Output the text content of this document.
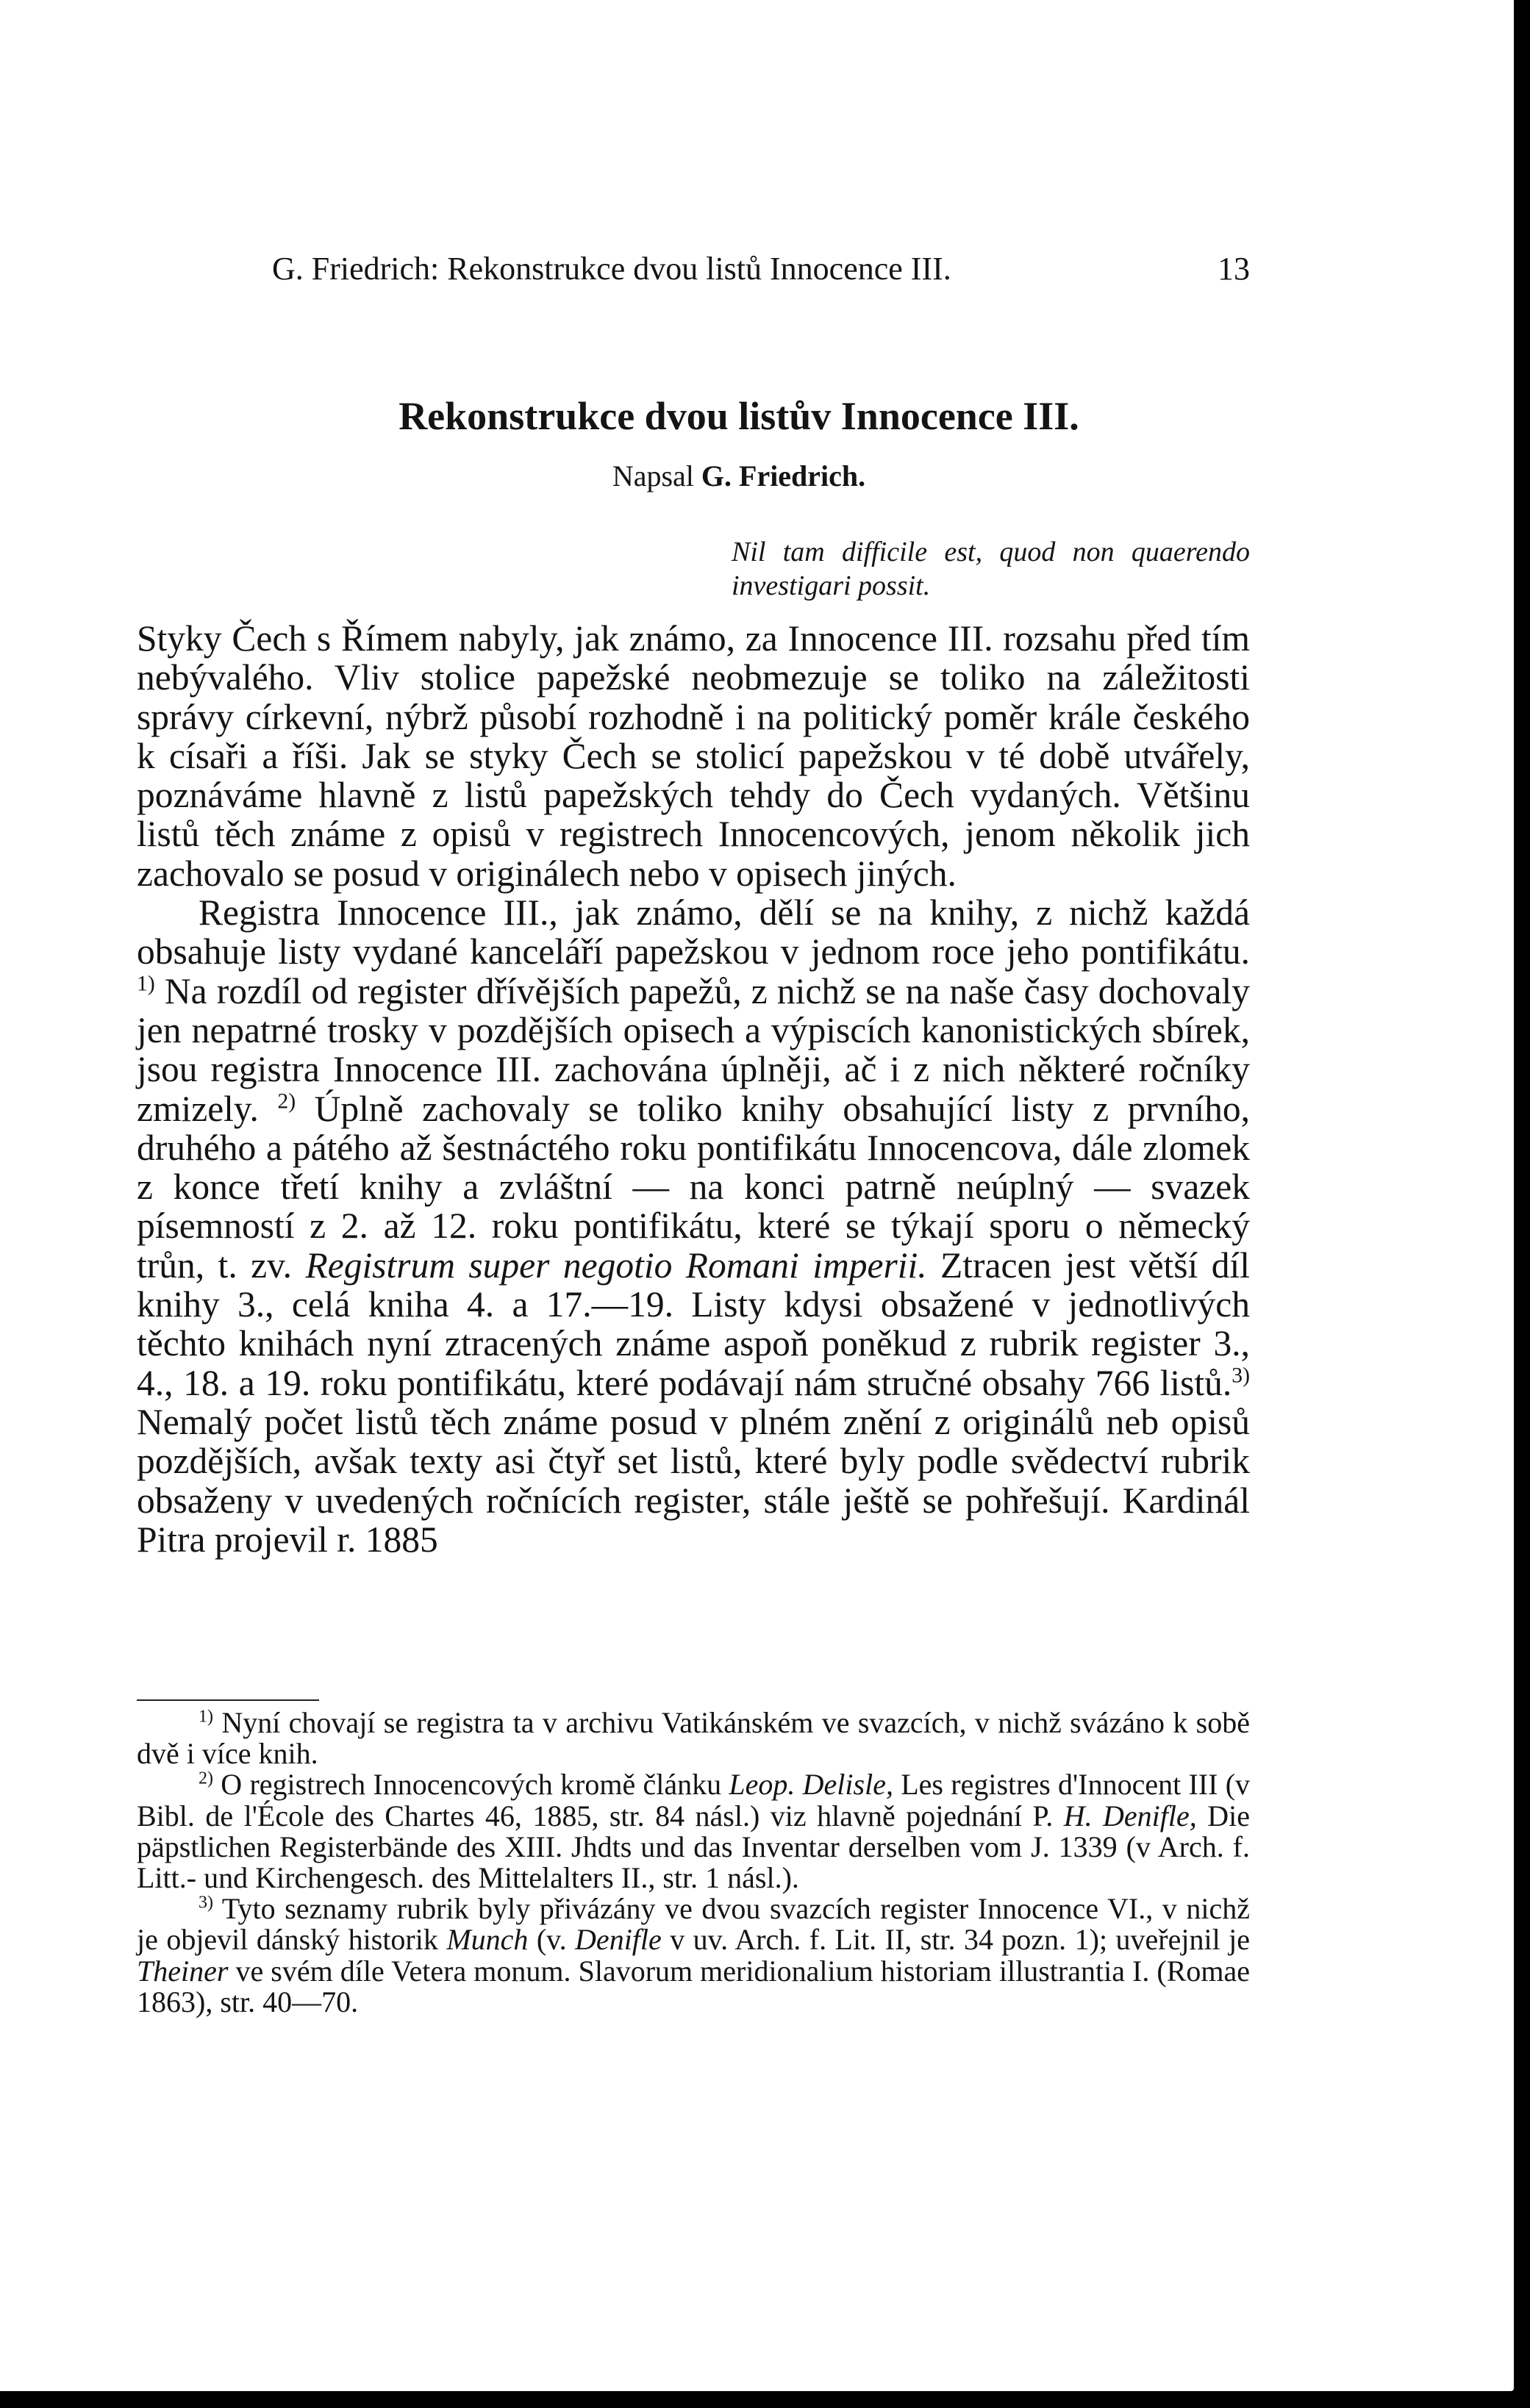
G. Friedrich: Rekonstrukce dvou listů Innocence III.	13
Rekonstrukce dvou listův Innocence III.
Napsal G. Friedrich.
Nil tam difficile est, quod non quaerendo investigari possit.

Styky Čech s Římem nabyly, jak známo, za Innocence III. rozsahu před tím nebývalého. Vliv stolice papežské neobmezuje se toliko na záležitosti správy církevní, nýbrž působí rozhodně i na politický poměr krále českého k císaři a říši. Jak se styky Čech se stolicí papežskou v té době utvářely, poznáváme hlavně z listů papežských tehdy do Čech vydaných. Většinu listů těch známe z opisů v registrech Innocencových, jenom několik jich zachovalo se posud v originálech nebo v opisech jiných.

Registra Innocence III., jak známo, dělí se na knihy, z nichž každá obsahuje listy vydané kanceláří papežskou v jednom roce jeho pontifikátu. $^{1)}$ Na rozdíl od register dřívějších papežů, z nichž se na naše časy dochovaly jen nepatrné trosky v pozdějších opisech a výpiscích kanonistických sbírek, jsou registra Innocence III. zachována úplněji, ač i z nich některé ročníky zmizely. $^{2)}$ Úplně zachovaly se toliko knihy obsahující listy z prvního, druhého a pátého až šestnáctého roku pontifikátu Innocencova, dále zlomek z konce třetí knihy a zvláštní — na konci patrně neúplný — svazek písemností z 2. až 12. roku pontifikátu, které se týkají sporu o německý trůn, t. zv. Registrum super negotio Romani imperii. Ztracen jest větší díl knihy 3., celá kniha 4. a 17.—19. Listy kdysi obsažené v jednotlivých těchto knihách nyní ztracených známe aspoň poněkud z rubrik register 3., 4., 18. a 19. roku pontifikátu, které podávají nám stručné obsahy 766 listů.$^{3)}$ Nemalý počet listů těch známe posud v plném znění z originálů neb opisů pozdějších, avšak texty asi čtyř set listů, které byly podle svědectví rubrik obsaženy v uvedených ročnících register, stále ještě se pohřešují. Kardinál Pitra projevil r. 1885

$^{1)}$ Nyní chovají se registra ta v archivu Vatikánském ve svazcích, v nichž svázáno k sobě dvě i více knih.

$^{2)}$ O registrech Innocencových kromě článku Leop. Delisle, Les registres d'Innocent III (v Bibl. de l'École des Chartes 46, 1885, str. 84 násl.) viz hlavně pojednání P. H. Denifle, Die päpstlichen Registerbände des XIII. Jhdts und das Inventar derselben vom J. 1339 (v Arch. f. Litt.- und Kirchengesch. des Mittelalters II., str. 1 násl.).

$^{3)}$ Tyto seznamy rubrik byly přivázány ve dvou svazcích register Innocence VI., v nichž je objevil dánský historik Munch (v. Denifle v uv. Arch. f. Lit. II, str. 34 pozn. 1); uveřejnil je Theiner ve svém díle Vetera monum. Slavorum meridionalium historiam illustrantia I. (Romae 1863), str. 40—70.
